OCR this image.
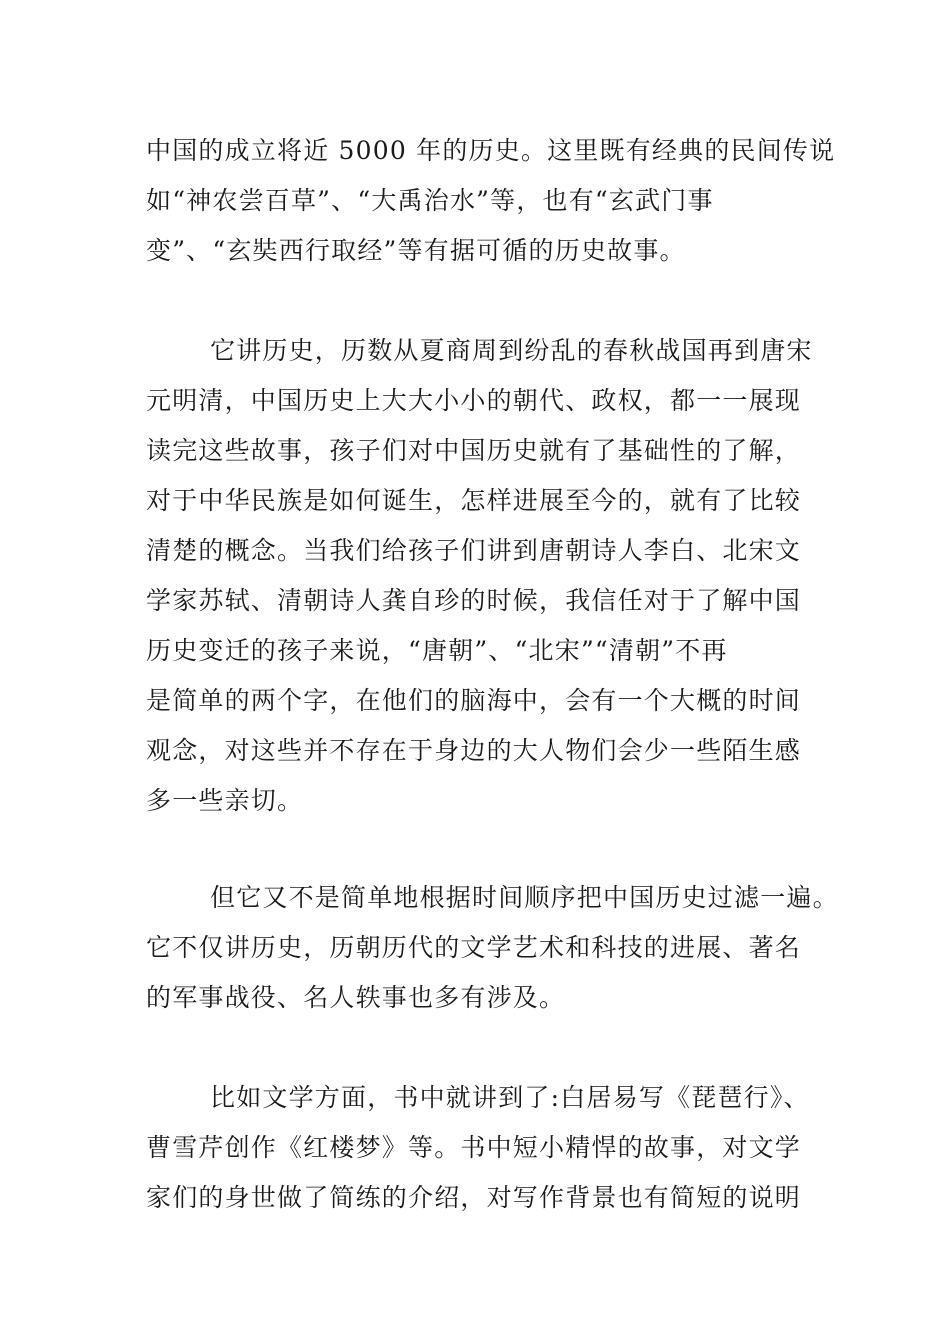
中国的成立将近 5000 年的历史。这里既有经典的民间传说
如“神农尝百草”、“大禹治水”等，也有“玄武门事
变”、“玄奘西行取经”等有据可循的历史故事。
它讲历史，历数从夏商周到纷乱的春秋战国再到唐宋
元明清，中国历史上大大小小的朝代、政权，都一一展现
读完这些故事，孩子们对中国历史就有了基础性的了解，
对于中华民族是如何诞生，怎样进展至今的，就有了比较
清楚的概念。当我们给孩子们讲到唐朝诗人李白、北宋文
学家苏轼、清朝诗人龚自珍的时候，我信任对于了解中国
历史变迁的孩子来说，“唐朝”、“北宋”“清朝”不再
是简单的两个字，在他们的脑海中，会有一个大概的时间
观念，对这些并不存在于身边的大人物们会少一些陌生感
多一些亲切。
但它又不是简单地根据时间顺序把中国历史过滤一遍。
它不仅讲历史，历朝历代的文学艺术和科技的进展、著名
的军事战役、名人轶事也多有涉及。
比如文学方面，书中就讲到了:白居易写《琵琶行》、
曹雪芹创作《红楼梦》等。书中短小精悍的故事，对文学
家们的身世做了简练的介绍，对写作背景也有简短的说明
